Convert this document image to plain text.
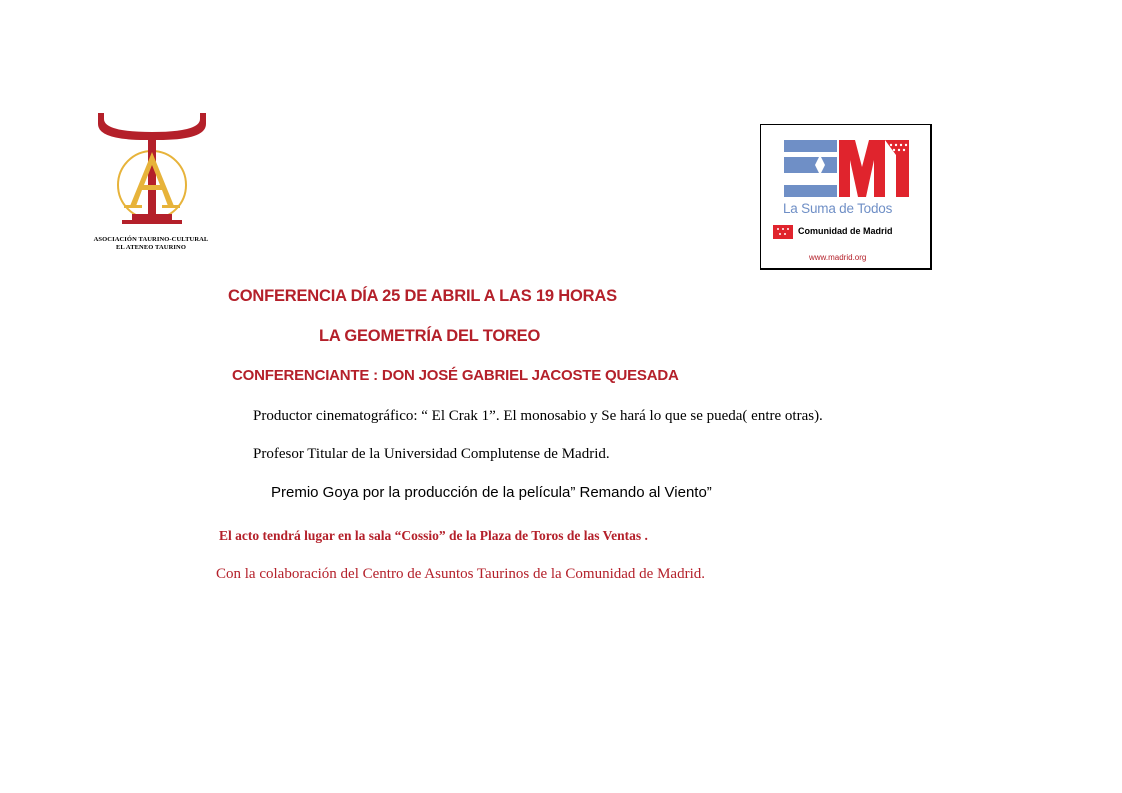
ASOCIACIÓN TAURINO-CULTURAL
EL ATENEO TAURINO
La Suma de Todos
Comunidad de Madrid
www.madrid.org
CONFERENCIA DÍA 25 DE ABRIL A LAS 19 HORAS
LA GEOMETRÍA DEL TOREO
CONFERENCIANTE : DON JOSÉ GABRIEL JACOSTE QUESADA
Productor cinematográfico: “ El Crak 1”. El monosabio y Se hará lo que se pueda( entre otras).
Profesor Titular de la Universidad Complutense de Madrid.
Premio Goya por la producción de la película” Remando al Viento”
El acto tendrá lugar en la sala “Cossio” de la Plaza de Toros de las Ventas .
Con la colaboración del Centro de Asuntos Taurinos de la Comunidad de Madrid.
